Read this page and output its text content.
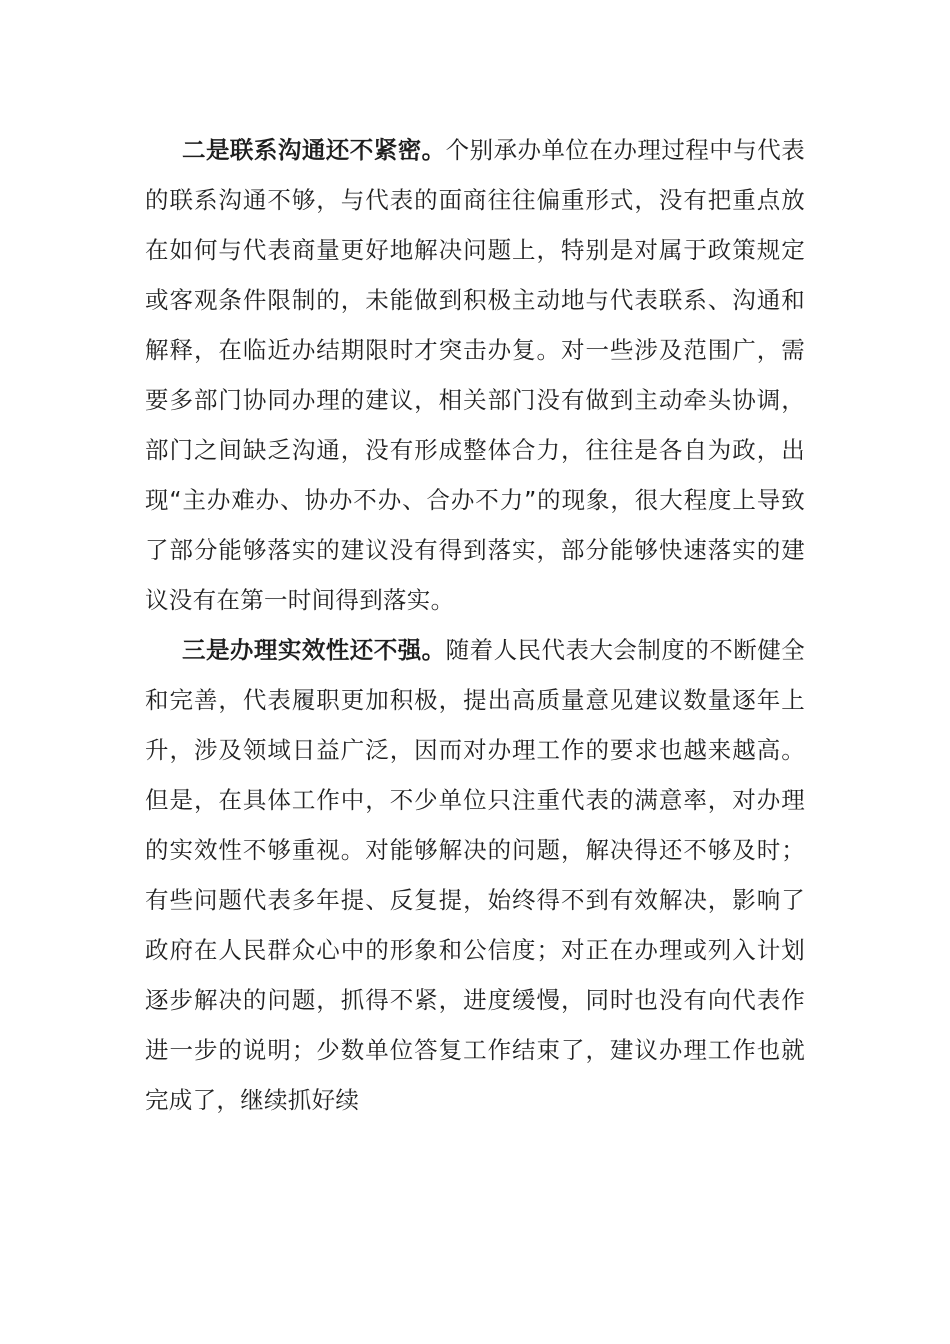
二是联系沟通还不紧密。个别承办单位在办理过程中与代表的联系沟通不够，与代表的面商往往偏重形式，没有把重点放在如何与代表商量更好地解决问题上，特别是对属于政策规定或客观条件限制的，未能做到积极主动地与代表联系、沟通和解释，在临近办结期限时才突击办复。对一些涉及范围广，需要多部门协同办理的建议，相关部门没有做到主动牵头协调，部门之间缺乏沟通，没有形成整体合力，往往是各自为政，出现“主办难办、协办不办、合办不力”的现象，很大程度上导致了部分能够落实的建议没有得到落实，部分能够快速落实的建议没有在第一时间得到落实。

三是办理实效性还不强。随着人民代表大会制度的不断健全和完善，代表履职更加积极，提出高质量意见建议数量逐年上升，涉及领域日益广泛，因而对办理工作的要求也越来越高。但是，在具体工作中，不少单位只注重代表的满意率，对办理的实效性不够重视。对能够解决的问题，解决得还不够及时；有些问题代表多年提、反复提，始终得不到有效解决，影响了政府在人民群众心中的形象和公信度；对正在办理或列入计划逐步解决的问题，抓得不紧，进度缓慢，同时也没有向代表作进一步的说明；少数单位答复工作结束了，建议办理工作也就完成了，继续抓好续
